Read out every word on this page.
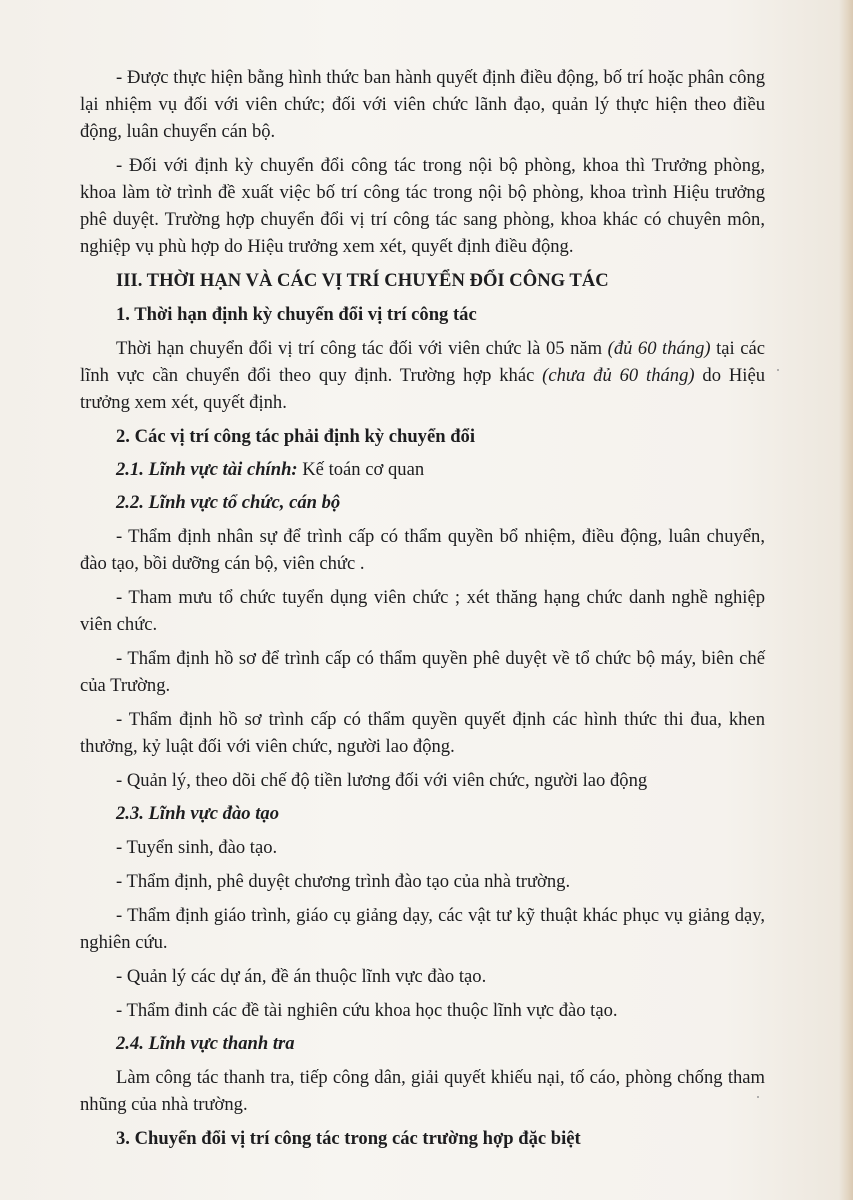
- Được thực hiện bằng hình thức ban hành quyết định điều động, bố trí hoặc phân công lại nhiệm vụ đối với viên chức; đối với viên chức lãnh đạo, quản lý thực hiện theo điều động, luân chuyển cán bộ.

- Đối với định kỳ chuyển đổi công tác trong nội bộ phòng, khoa thì Trưởng phòng, khoa làm tờ trình đề xuất việc bố trí công tác trong nội bộ phòng, khoa trình Hiệu trưởng phê duyệt. Trường hợp chuyển đổi vị trí công tác sang phòng, khoa khác có chuyên môn, nghiệp vụ phù hợp do Hiệu trưởng xem xét, quyết định điều động.

III. THỜI HẠN VÀ CÁC VỊ TRÍ CHUYỂN ĐỔI CÔNG TÁC

1. Thời hạn định kỳ chuyển đổi vị trí công tác

Thời hạn chuyển đổi vị trí công tác đối với viên chức là 05 năm (đủ 60 tháng) tại các lĩnh vực cần chuyển đổi theo quy định. Trường hợp khác (chưa đủ 60 tháng) do Hiệu trưởng xem xét, quyết định.

2. Các vị trí công tác phải định kỳ chuyển đổi

2.1. Lĩnh vực tài chính: Kế toán cơ quan

2.2. Lĩnh vực tổ chức, cán bộ

- Thẩm định nhân sự để trình cấp có thẩm quyền bổ nhiệm, điều động, luân chuyển, đào tạo, bồi dưỡng cán bộ, viên chức .

- Tham mưu tổ chức tuyển dụng viên chức ; xét thăng hạng chức danh nghề nghiệp viên chức.

- Thẩm định hồ sơ để trình cấp có thẩm quyền phê duyệt về tổ chức bộ máy, biên chế của Trường.

- Thẩm định hồ sơ trình cấp có thẩm quyền quyết định các hình thức thi đua, khen thưởng, kỷ luật đối với viên chức, người lao động.

- Quản lý, theo dõi chế độ tiền lương đối với viên chức, người lao động

2.3. Lĩnh vực đào tạo

- Tuyển sinh, đào tạo.

- Thẩm định, phê duyệt chương trình đào tạo của nhà trường.

- Thẩm định giáo trình, giáo cụ giảng dạy, các vật tư kỹ thuật khác phục vụ giảng dạy, nghiên cứu.

- Quản lý các dự án, đề án thuộc lĩnh vực đào tạo.

- Thẩm đinh các đề tài nghiên cứu khoa học thuộc lĩnh vực đào tạo.

2.4. Lĩnh vực thanh tra

Làm công tác thanh tra, tiếp công dân, giải quyết khiếu nại, tố cáo, phòng chống tham nhũng của nhà trường.

3. Chuyển đổi vị trí công tác trong các trường hợp đặc biệt
